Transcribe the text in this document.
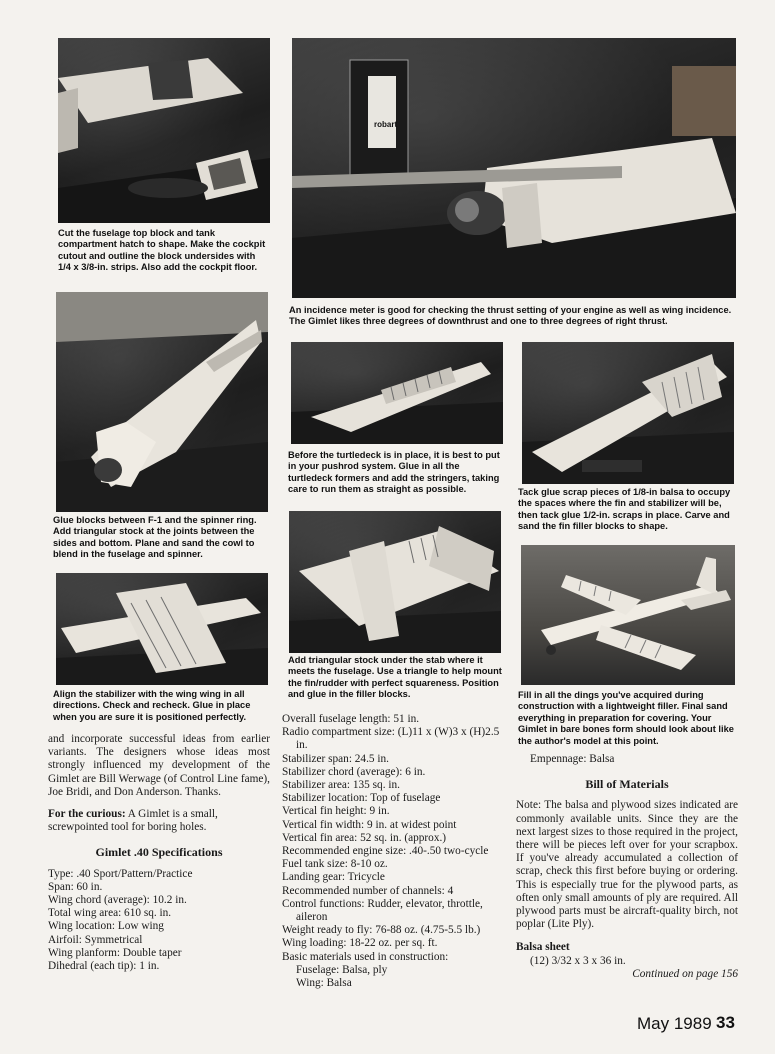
robart

Cut the fuselage top block and tank compartment hatch to shape. Make the cockpit cutout and outline the block undersides with 1/4 x 3/8-in. strips. Also add the cockpit floor.

An incidence meter is good for checking the thrust setting of your engine as well as wing incidence. The Gimlet likes three degrees of downthrust and one to three degrees of right thrust.

Before the turtledeck is in place, it is best to put in your pushrod system. Glue in all the turtledeck formers and add the stringers, taking care to run them as straight as possible.	Tack glue scrap pieces of 1/8-in balsa to occupy the spaces where the fin and stabilizer will be, then tack glue 1/2-in. scraps in place. Carve and sand the fin filler blocks to shape.

Glue blocks between F-1 and the spinner ring. Add triangular stock at the joints between the sides and bottom. Plane and sand the cowl to blend in the fuselage and spinner.

Add triangular stock under the stab where it meets the fuselage. Use a triangle to help mount the fin/rudder with perfect squareness. Position and glue in the filler blocks.

Align the stabilizer with the wing wing in all directions. Check and recheck. Glue in place when you are sure it is positioned perfectly.

Fill in all the dings you've acquired during construction with a lightweight filler. Final sand everything in preparation for covering. Your Gimlet in bare bones form should look about like the author's model at this point.

and incorporate successful ideas from earlier variants. The designers whose ideas most strongly influenced my development of the Gimlet are Bill Werwage (of Control Line fame), Joe Bridi, and Don Anderson. Thanks.

For the curious: A Gimlet is a small, screwpointed tool for boring holes.

Gimlet .40 Specifications

Type: .40 Sport/Pattern/Practice

Span: 60 in.

Wing chord (average): 10.2 in.

Total wing area: 610 sq. in.

Wing location: Low wing

Airfoil: Symmetrical

Wing planform: Double taper

Dihedral (each tip): 1 in.

Overall fuselage length: 51 in.

Radio compartment size: (L)11 x (W)3 x (H)2.5 in.

Stabilizer span: 24.5 in.

Stabilizer chord (average): 6 in.

Stabilizer area: 135 sq. in.

Stabilizer location: Top of fuselage

Vertical fin height: 9 in.

Vertical fin width: 9 in. at widest point

Vertical fin area: 52 sq. in. (approx.)

Recommended engine size: .40-.50 two-cycle

Fuel tank size: 8-10 oz.

Landing gear: Tricycle

Recommended number of channels: 4

Control functions: Rudder, elevator, throttle, aileron

Weight ready to fly: 76-88 oz. (4.75-5.5 lb.)

Wing loading: 18-22 oz. per sq. ft.

Basic materials used in construction:

Fuselage: Balsa, ply

Wing: Balsa

Empennage: Balsa

Bill of Materials

Note: The balsa and plywood sizes indicated are commonly available units. Since they are the next largest sizes to those required in the project, there will be pieces left over for your scrapbox. If you've already accumulated a collection of scrap, check this first before buying or ordering. This is especially true for the plywood parts, as often only small amounts of ply are required. All plywood parts must be aircraft-quality birch, not poplar (Lite Ply).

Balsa sheet

(12) 3/32 x 3 x 36 in.

Continued on page 156

May 1989 33
